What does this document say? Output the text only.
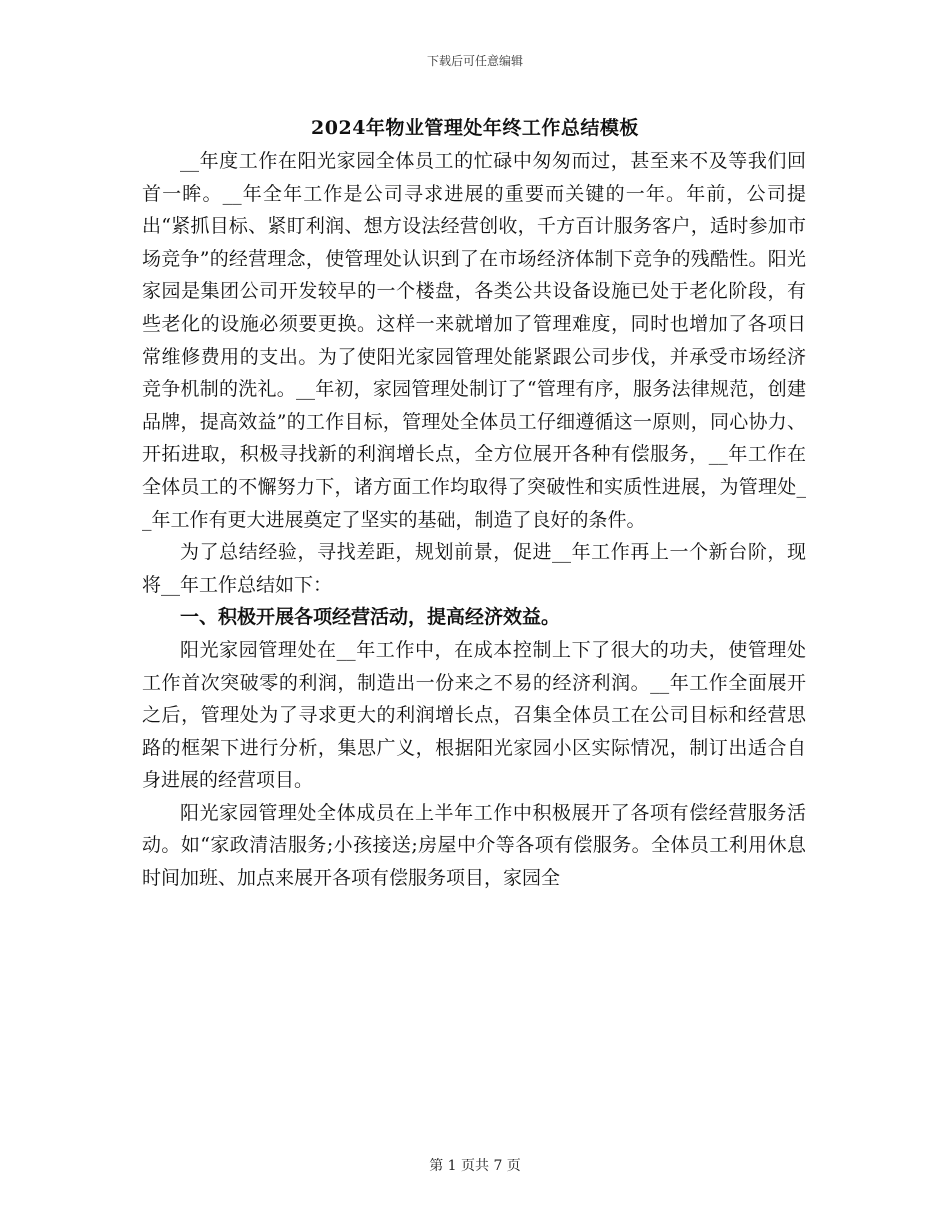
下载后可任意编辑
2024年物业管理处年终工作总结模板

__年度工作在阳光家园全体员工的忙碌中匆匆而过，甚至来不及等我们回首一眸。__年全年工作是公司寻求进展的重要而关键的一年。年前，公司提出“紧抓目标、紧盯利润、想方设法经营创收，千方百计服务客户，适时参加市场竞争”的经营理念，使管理处认识到了在市场经济体制下竞争的残酷性。阳光家园是集团公司开发较早的一个楼盘，各类公共设备设施已处于老化阶段，有些老化的设施必须要更换。这样一来就增加了管理难度，同时也增加了各项日常维修费用的支出。为了使阳光家园管理处能紧跟公司步伐，并承受市场经济竞争机制的洗礼。__年初，家园管理处制订了“管理有序，服务法律规范，创建品牌，提高效益”的工作目标，管理处全体员工仔细遵循这一原则，同心协力、开拓进取，积极寻找新的利润增长点，全方位展开各种有偿服务，__年工作在全体员工的不懈努力下，诸方面工作均取得了突破性和实质性进展，为管理处__年工作有更大进展奠定了坚实的基础，制造了良好的条件。

为了总结经验，寻找差距，规划前景，促进__年工作再上一个新台阶，现将__年工作总结如下：

一、积极开展各项经营活动，提高经济效益。

阳光家园管理处在__年工作中，在成本控制上下了很大的功夫，使管理处工作首次突破零的利润，制造出一份来之不易的经济利润。__年工作全面展开之后，管理处为了寻求更大的利润增长点，召集全体员工在公司目标和经营思路的框架下进行分析，集思广义，根据阳光家园小区实际情况，制订出适合自身进展的经营项目。

阳光家园管理处全体成员在上半年工作中积极展开了各项有偿经营服务活动。如“家政清洁服务;小孩接送;房屋中介等各项有偿服务。全体员工利用休息时间加班、加点来展开各项有偿服务项目，家园全

第 1 页共 7 页
